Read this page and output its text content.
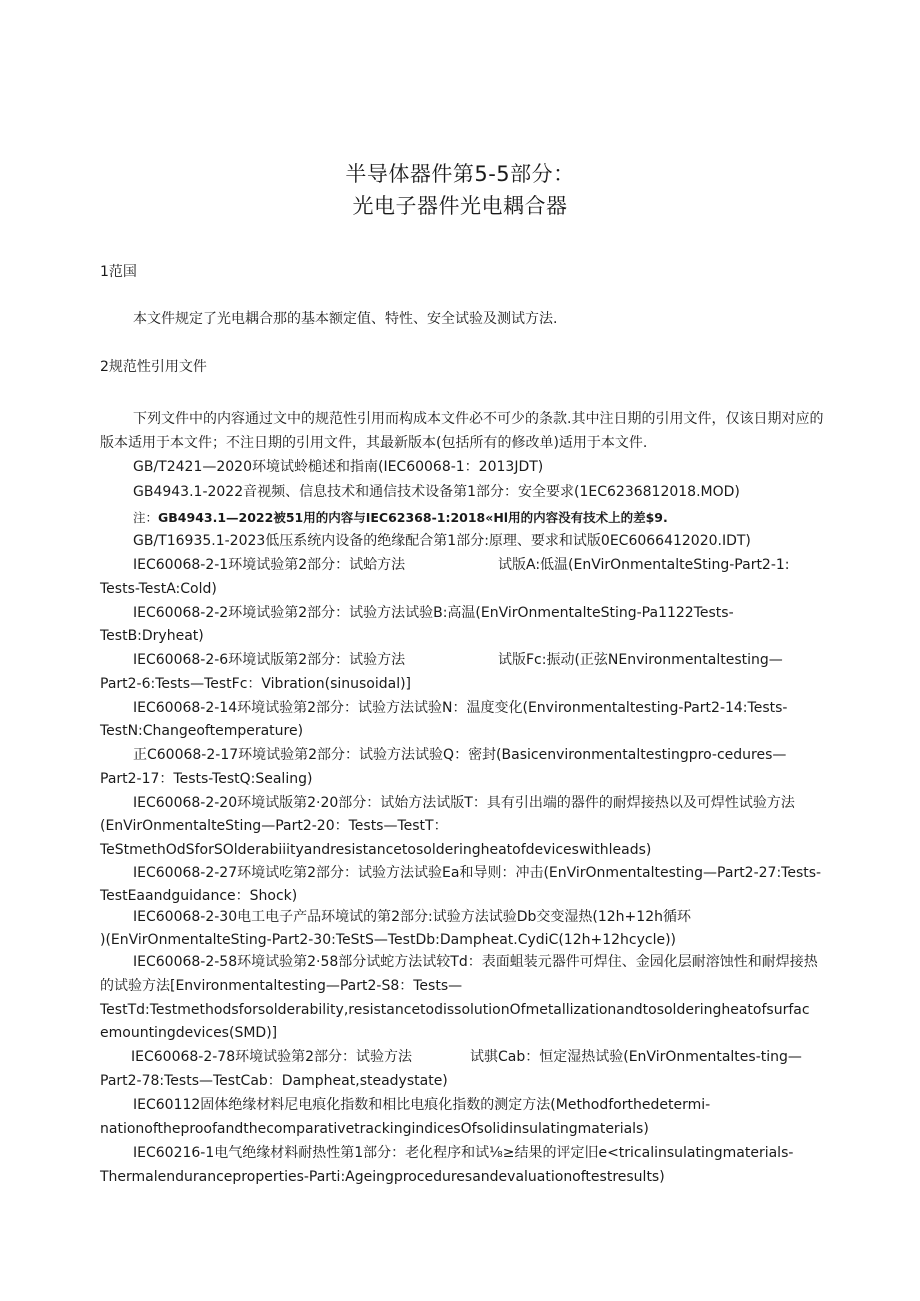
半导体器件第5-5部分：
光电子器件光电耦合器
1范国
本文件规定了光电耦合那的基本额定值、特性、安全试验及测试方法.
2规范性引用文件
下列文件中的内容通过文中的规范性引用而构成本文件必不可少的条款.其中注日期的引用文件，仅该日期对应的
版本适用于本文件；不注日期的引用文件，其最新版本(包括所有的修改单)适用于本文件.
GB/T2421—2020环境试蛉槌述和指南(IEC60068-1：2013JDT)
GB4943.1-2022音视频、信息技术和通信技术设备第1部分：安全要求(1EC6236812018.MOD)
注：GB4943.1—2022被51用的内容与IEC62368-1:2018«Hl用的内容没有技术上的差$9.
GB/T16935.1-2023低压系统内设备的绝缘配合第1部分:原理、要求和试版0EC6066412020.IDT)
IEC60068-2-1环境试验第2部分：试蛤方法	试版A:低温(EnVirOnmentalteSting-Part2-1:
Tests-TestA:Cold)
IEC60068-2-2环境试验第2部分：试验方法试验B:高温(EnVirOnmentalteSting-Pa1122Tests-
TestB:Dryheat)
IEC60068-2-6环境试版第2部分：试验方法	试版Fc:振动(正弦NEnvironmentaltesting—
Part2-6:Tests—TestFc：Vibration(sinusoidal)]
IEC60068-2-14环境试验第2部分：试验方法试验N：温度变化(Environmentaltesting-Part2-14:Tests-
TestN:Changeoftemperature)
正C60068-2-17环境试验第2部分：试验方法试验Q：密封(Basicenvironmentaltestingpro-cedures—
Part2-17：Tests-TestQ:Sealing)
IEC60068-2-20环境试版第2·20部分：试始方法试版T：具有引出端的器件的耐焊接热以及可焊性试验方法
(EnVirOnmentalteSting—Part2-20：Tests—TestT：
TeStmethOdSforSOlderabiiityandresistancetosolderingheatofdeviceswithleads)
IEC60068-2-27环境试吃第2部分：试验方法试验Ea和导则：冲击(EnVirOnmentaltesting—Part2-27:Tests-
TestEaandguidance：Shock)
IEC60068-2-30电工电子产品环境试的第2部分:试验方法试验Db交变湿热(12h+12h循环
)(EnVirOnmentalteSting-Part2-30:TeStS—TestDb:Dampheat.CydiC(12h+12hcycle))
IEC60068-2-58环境试验第2·58部分试蛇方法试较Td：表面蛆装元器件可焊住、金园化层耐溶蚀性和耐焊接热
的试验方法[Environmentaltesting—Part2-S8：Tests—
TestTd:Testmethodsforsolderability,resistancetodissolutionOfmetallizationandtosolderingheatofsurfac
emountingdevices(SMD)]
IEC60068-2-78环境试验第2部分：试验方法	试骐Cab：恒定湿热试验(EnVirOnmentaltes-ting—
Part2-78:Tests—TestCab：Dampheat,steadystate)
IEC60112固体绝缘材料尼电痕化指数和相比电痕化指数的测定方法(Methodforthedetermi-
nationoftheproofandthecomparativetrackingindicesOfsolidinsulatingmaterials)
IEC60216-1电气绝缘材料耐热性第1部分：老化程序和试⅛≥结果的评定旧e<tricalinsulatingmaterials-
Thermalenduranceproperties-Parti:Ageingproceduresandevaluationoftestresults)
